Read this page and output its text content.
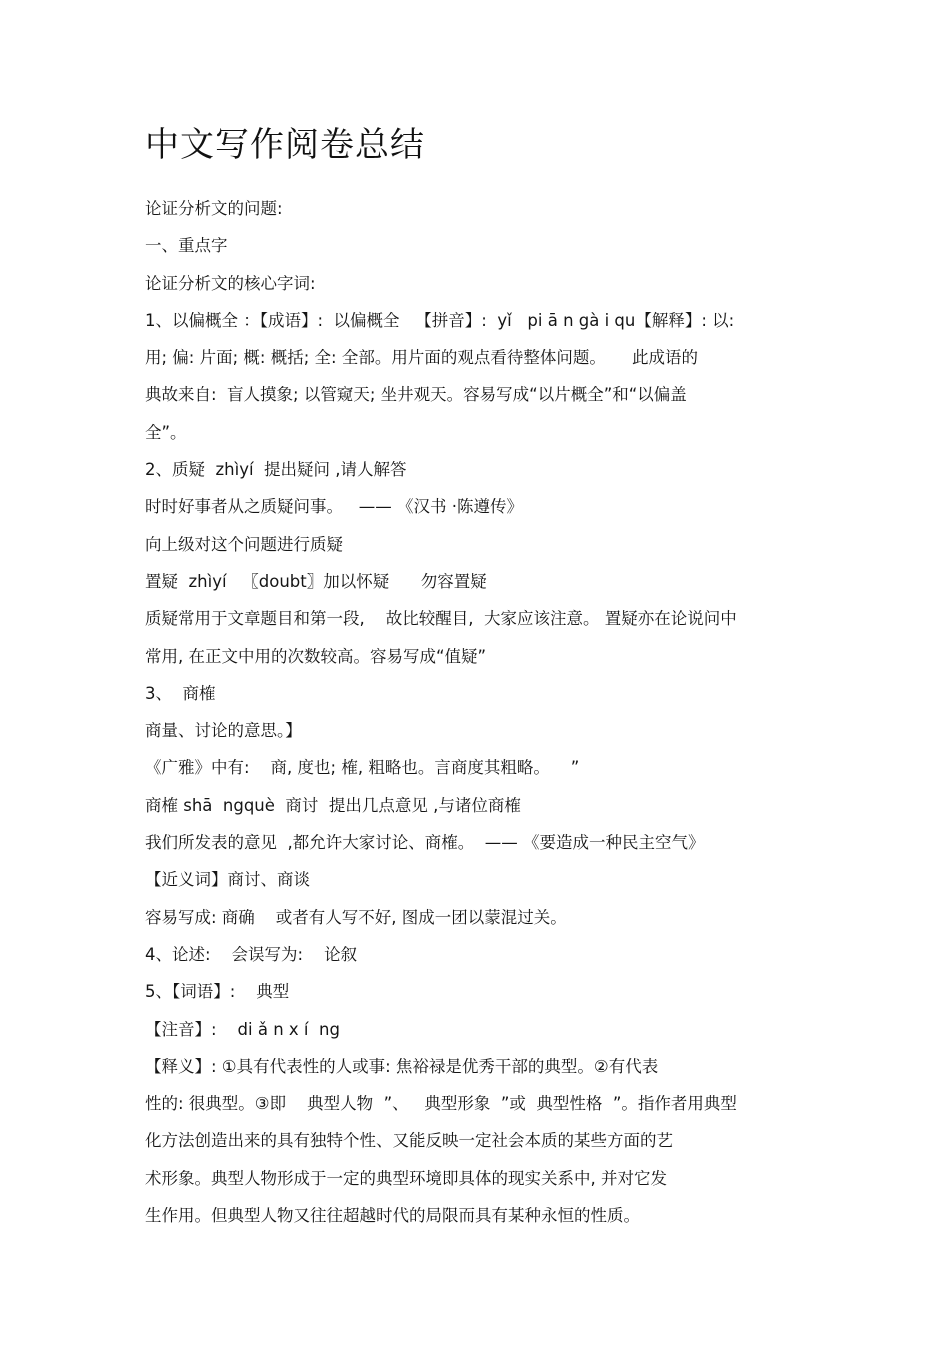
中文写作阅卷总结
论证分析文的问题:
一、重点字
论证分析文的核心字词:
1、以偏概全 ：【成语】:  以偏概全   【拼音】:  yǐ   pi ā n gà i qu【解释】: 以:
用; 偏: 片面; 概: 概括; 全: 全部。用片面的观点看待整体问题。     此成语的
典故来自:  盲人摸象; 以管窥天; 坐井观天。容易写成“以片概全”和“以偏盖
全”。
2、质疑  zhìyí  提出疑问 ,请人解答
时时好事者从之质疑问事。   —— 《汉书 ·陈遵传》
向上级对这个问题进行质疑
置疑  zhìyí   〖doubt〗加以怀疑      勿容置疑
质疑常用于文章题目和第一段,    故比较醒目,  大家应该注意。 置疑亦在论说问中
常用, 在正文中用的次数较高。容易写成“值疑”
3、  商榷
商量、讨论的意思。】
《广雅》中有:    商, 度也; 榷, 粗略也。言商度其粗略。    ”
商榷 shā  ngquè  商讨  提出几点意见 ,与诸位商榷
我们所发表的意见  ,都允许大家讨论、商榷。  —— 《要造成一种民主空气》
【近义词】商讨、商谈
容易写成: 商确    或者有人写不好, 图成一团以蒙混过关。
4、论述:    会误写为:    论叙
5、【词语】:    典型
【注音】:    di ǎ n x í  ng
【释义】: ①具有代表性的人或事: 焦裕禄是优秀干部的典型。②有代表
性的: 很典型。③即    典型人物  ”、   典型形象  ”或  典型性格  ”。指作者用典型
化方法创造出来的具有独特个性、又能反映一定社会本质的某些方面的艺
术形象。典型人物形成于一定的典型环境即具体的现实关系中, 并对它发
生作用。但典型人物又往往超越时代的局限而具有某种永恒的性质。
